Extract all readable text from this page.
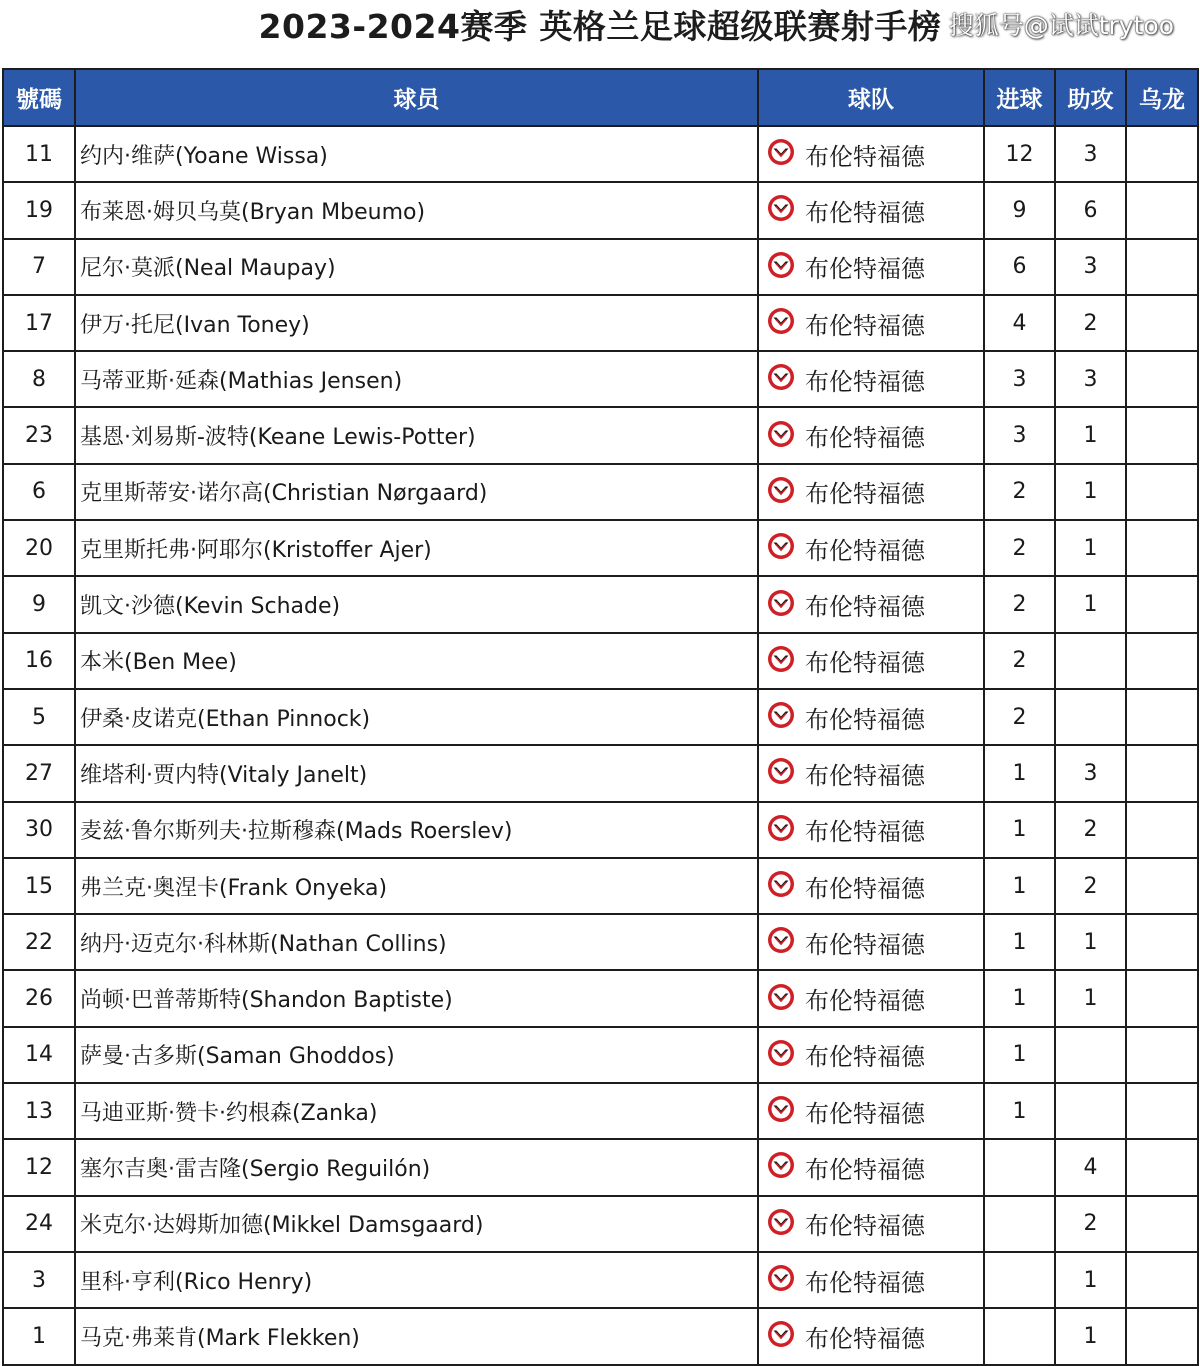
2023-2024赛季 英格兰足球超级联赛射手榜 搜狐号@试试trytoo
號碼	球员	球队	进球	助攻	乌龙
11	约内·维萨(Yoane Wissa)	布伦特福德	12	3	
19	布莱恩·姆贝乌莫(Bryan Mbeumo)	布伦特福德	9	6	
7	尼尔·莫派(Neal Maupay)	布伦特福德	6	3	
17	伊万·托尼(Ivan Toney)	布伦特福德	4	2	
8	马蒂亚斯·延森(Mathias Jensen)	布伦特福德	3	3	
23	基恩·刘易斯-波特(Keane Lewis-Potter)	布伦特福德	3	1	
6	克里斯蒂安·诺尔高(Christian Nørgaard)	布伦特福德	2	1	
20	克里斯托弗·阿耶尔(Kristoffer Ajer)	布伦特福德	2	1	
9	凯文·沙德(Kevin Schade)	布伦特福德	2	1	
16	本米(Ben Mee)	布伦特福德	2		
5	伊桑·皮诺克(Ethan Pinnock)	布伦特福德	2		
27	维塔利·贾内特(Vitaly Janelt)	布伦特福德	1	3	
30	麦兹·鲁尔斯列夫·拉斯穆森(Mads Roerslev)	布伦特福德	1	2	
15	弗兰克·奥涅卡(Frank Onyeka)	布伦特福德	1	2	
22	纳丹·迈克尔·科林斯(Nathan Collins)	布伦特福德	1	1	
26	尚顿·巴普蒂斯特(Shandon Baptiste)	布伦特福德	1	1	
14	萨曼·古多斯(Saman Ghoddos)	布伦特福德	1		
13	马迪亚斯·赞卡·约根森(Zanka)	布伦特福德	1		
12	塞尔吉奥·雷吉隆(Sergio Reguilón)	布伦特福德		4	
24	米克尔·达姆斯加德(Mikkel Damsgaard)	布伦特福德		2	
3	里科·亨利(Rico Henry)	布伦特福德		1	
1	马克·弗莱肯(Mark Flekken)	布伦特福德		1	
